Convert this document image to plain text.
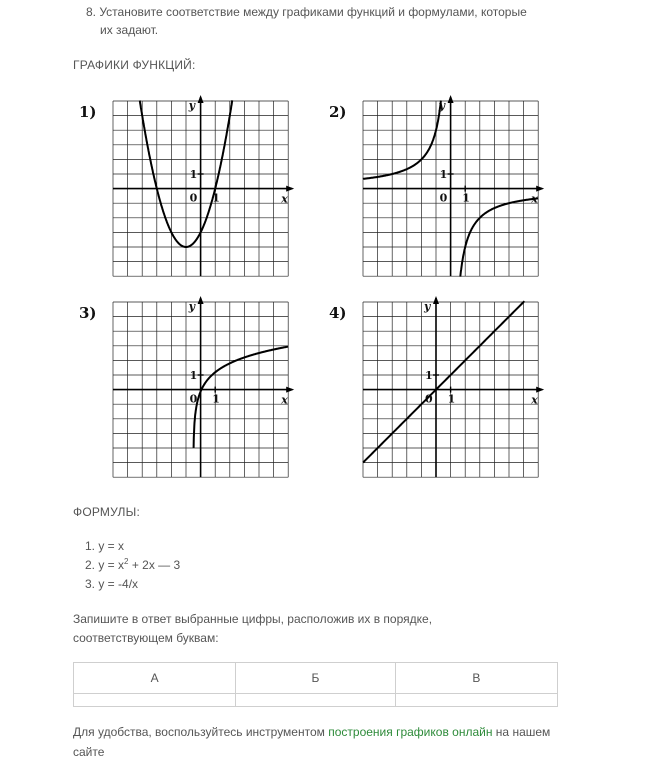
8. Установите соответствие между графиками функций и формулами, которые
их задают.
ГРАФИКИ ФУНКЦИЙ:
1)	y
x
0 1
1
2)	y
x
0 1
1
3)	y
x
0 1
1
4)	y
x
0 1
1
ФОРМУЛЫ:
1. y = x
2. $y = x^2 + 2x$ — 3
3. y = -4/x
Запишите в ответ выбранные цифры, расположив их в порядке, соответствующем буквам:
А	Б	В

Для удобства, воспользуйтесь инструментом построения графиков онлайн на нашем сайте
